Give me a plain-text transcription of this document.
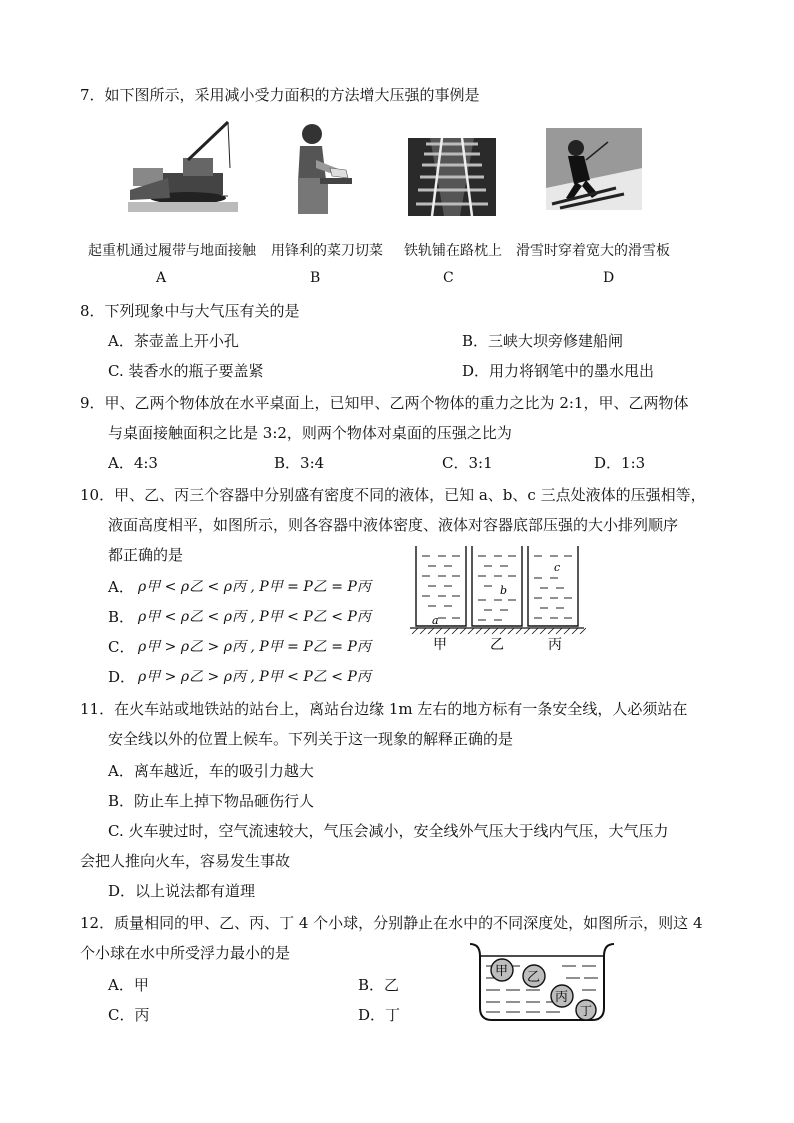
7．如下图所示，采用减小受力面积的方法增大压强的事例是
起重机通过履带与地面接触
A
用锋利的菜刀切菜
B
铁轨铺在路枕上
C
滑雪时穿着宽大的滑雪板
D
8．下列现象中与大气压有关的是
A．茶壶盖上开小孔	B．三峡大坝旁修建船闸
C. 装香水的瓶子要盖紧	D．用力将钢笔中的墨水甩出
9．甲、乙两个物体放在水平桌面上，已知甲、乙两个物体的重力之比为 2:1，甲、乙两物体
与桌面接触面积之比是 3:2，则两个物体对桌面的压强之比为
A．4:3	B．3:4	C．3:1	D．1:3
10．甲、乙、丙三个容器中分别盛有密度不同的液体，已知 a、b、c 三点处液体的压强相等，
液面高度相平，如图所示，则各容器中液体密度、液体对容器底部压强的大小排列顺序
都正确的是
A． ρ甲 < ρ乙 < ρ丙 , P甲 = P乙 = P丙
B． ρ甲 < ρ乙 < ρ丙 , P甲 < P乙 < P丙
C． ρ甲 > ρ乙 > ρ丙 , P甲 = P乙 = P丙
D． ρ甲 > ρ乙 > ρ丙 , P甲 < P乙 < P丙
a
b
c
甲	乙	丙
11．在火车站或地铁站的站台上，离站台边缘 1m 左右的地方标有一条安全线，人必须站在
安全线以外的位置上候车。下列关于这一现象的解释正确的是
A．离车越近，车的吸引力越大
B．防止车上掉下物品砸伤行人
C. 火车驶过时，空气流速较大，气压会减小，安全线外气压大于线内气压，大气压力
会把人推向火车，容易发生事故
D．以上说法都有道理
12．质量相同的甲、乙、丙、丁 4 个小球，分别静止在水中的不同深度处，如图所示，则这 4
个小球在水中所受浮力最小的是
A．甲	B．乙
C．丙	D．丁
甲 乙
丙
丁
